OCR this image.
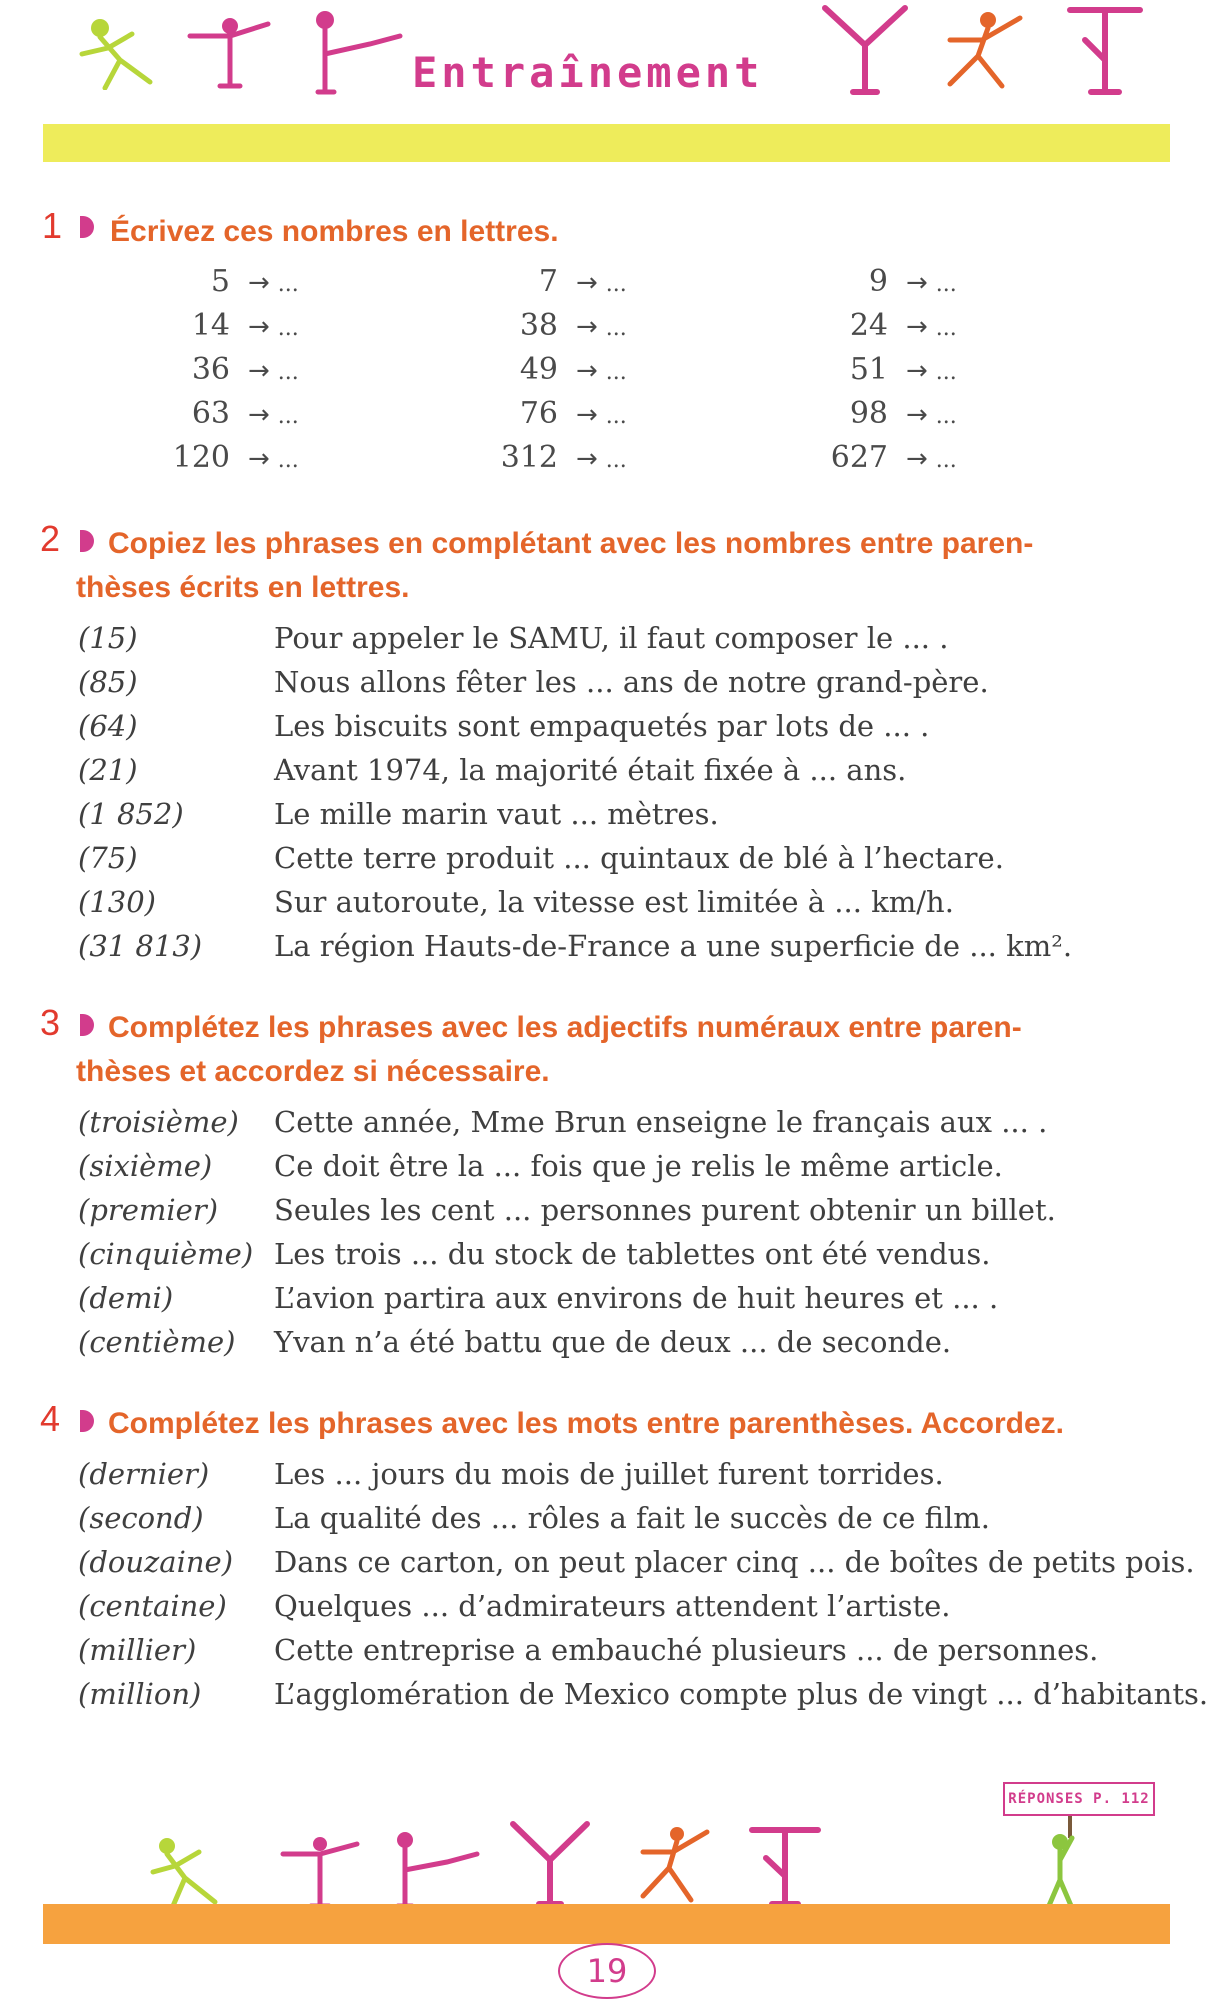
Entraînement
1 Écrivez ces nombres en lettres.

5 → ...	7 → ...	9 → ...
14 → ...	38 → ...	24 → ...
36 → ...	49 → ...	51 → ...
63 → ...	76 → ...	98 → ...
120 → ...	312 → ...	627 → ...
2 Copiez les phrases en complétant avec les nombres entre paren-

thèses écrits en lettres.

(15)	Pour appeler le SAMU, il faut composer le ... .
(85)	Nous allons fêter les ... ans de notre grand-père.
(64)	Les biscuits sont empaquetés par lots de ... .
(21)	Avant 1974, la majorité était fixée à ... ans.
(1 852)	Le mille marin vaut ... mètres.
(75)	Cette terre produit ... quintaux de blé à l’hectare.
(130)	Sur autoroute, la vitesse est limitée à ... km/h.
(31 813) La région Hauts-de-France a une superficie de ... km².
3 Complétez les phrases avec les adjectifs numéraux entre paren-

thèses et accordez si nécessaire.

(troisième) Cette année, Mme Brun enseigne le français aux ... .
(sixième) Ce doit être la ... fois que je relis le même article.
(premier) Seules les cent ... personnes purent obtenir un billet.
(cinquième) Les trois ... du stock de tablettes ont été vendus.
(demi)	L’avion partira aux environs de huit heures et ... .
(centième) Yvan n’a été battu que de deux ... de seconde.
4 Complétez les phrases avec les mots entre parenthèses. Accordez.

(dernier) Les ... jours du mois de juillet furent torrides.
(second) La qualité des ... rôles a fait le succès de ce film.
(douzaine) Dans ce carton, on peut placer cinq ... de boîtes de petits pois.
(centaine) Quelques ... d’admirateurs attendent l’artiste.
(millier)	Cette entreprise a embauché plusieurs ... de personnes.
(million)	L’agglomération de Mexico compte plus de vingt ... d’habitants.
RÉPONSES P. 112
19
